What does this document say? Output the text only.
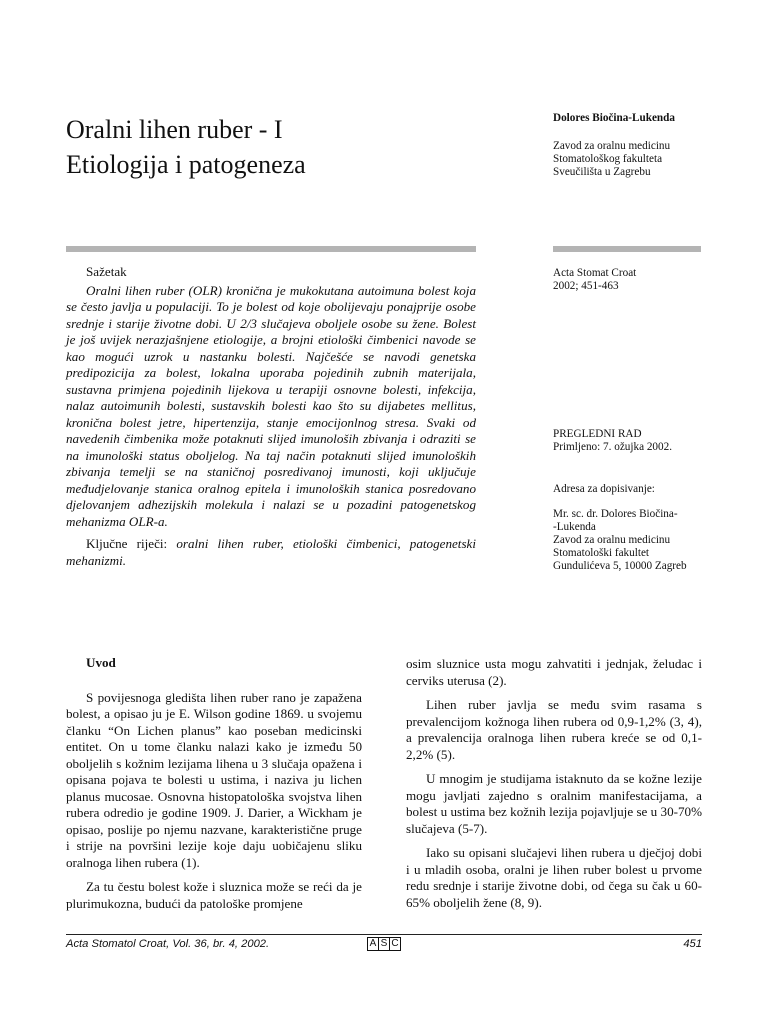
Oralni lihen ruber - I
Etiologija i patogeneza
Dolores Biočina-Lukenda
Zavod za oralnu medicinu
Stomatološkog fakulteta
Sveučilišta u Zagrebu
Sažetak

Oralni lihen ruber (OLR) kronična je mukokutana autoimuna bolest koja se često javlja u populaciji. To je bolest od koje obolijevaju ponajprije osobe srednje i starije životne dobi. U 2/3 slučajeva oboljele osobe su žene. Bolest je još uvijek nerazjašnjene etiologije, a brojni etiološki čimbenici navode se kao mogući uzrok u nastanku bolesti. Najčešće se navodi genetska predipozicija za bolest, lokalna uporaba pojedinih zubnih materijala, sustavna primjena pojedinih lijekova u terapiji osnovne bolesti, infekcija, nalaz autoimunih bolesti, sustavskih bolesti kao što su dijabetes mellitus, kronična bolest jetre, hipertenzija, stanje emocijonlnog stresa. Svaki od navedenih čimbenika može potaknuti slijed imunološih zbivanja i odraziti se na imunološki status oboljelog. Na taj način potaknuti slijed imunoloških zbivanja temelji se na staničnoj posredivanoj imunosti, koji uključuje međudjelovanje stanica oralnog epitela i imunoloških stanica posredovano djelovanjem adhezijskih molekula i nalazi se u pozadini patogenetskog mehanizma OLR-a.

Ključne riječi: oralni lihen ruber, etiološki čimbenici, patogenetski mehanizmi.

Acta Stomat Croat
2002; 451-463
PREGLEDNI RAD
Primljeno: 7. ožujka 2002.
Adresa za dopisivanje:
Mr. sc. dr. Dolores Biočina-
-Lukenda
Zavod za oralnu medicinu
Stomatološki fakultet
Gundulićeva 5, 10000 Zagreb
Uvod

S povijesnoga gledišta lihen ruber rano je zapažena bolest, a opisao ju je E. Wilson godine 1869. u svojemu članku “On Lichen planus” kao poseban medicinski entitet. On u tome članku nalazi kako je između 50 oboljelih s kožnim lezijama lihena u 3 slučaja opažena i opisana pojava te bolesti u ustima, i naziva ju lichen planus mucosae. Osnovna histopatološka svojstva lihen rubera odredio je godine 1909. J. Darier, a Wickham je opisao, poslije po njemu nazvane, karakteristične pruge i strije na površini lezije koje daju uobičajenu sliku oralnoga lihen rubera (1).

Za tu čestu bolest kože i sluznica može se reći da je plurimukozna, budući da patološke promjene

osim sluznice usta mogu zahvatiti i jednjak, želudac i cerviks uterusa (2).

Lihen ruber javlja se među svim rasama s prevalencijom kožnoga lihen rubera od 0,9-1,2% (3, 4), a prevalencija oralnoga lihen rubera kreće se od 0,1-2,2% (5).

U mnogim je studijama istaknuto da se kožne lezije mogu javljati zajedno s oralnim manifestacijama, a bolest u ustima bez kožnih lezija pojavljuje se u 30-70% slučajeva (5-7).

Iako su opisani slučajevi lihen rubera u dječjoj dobi i u mladih osoba, oralni je lihen ruber bolest u prvome redu srednje i starije životne dobi, od čega su čak u 60-65% oboljelih žene (8, 9).

Acta Stomatol Croat, Vol. 36, br. 4, 2002.	A S C	451
